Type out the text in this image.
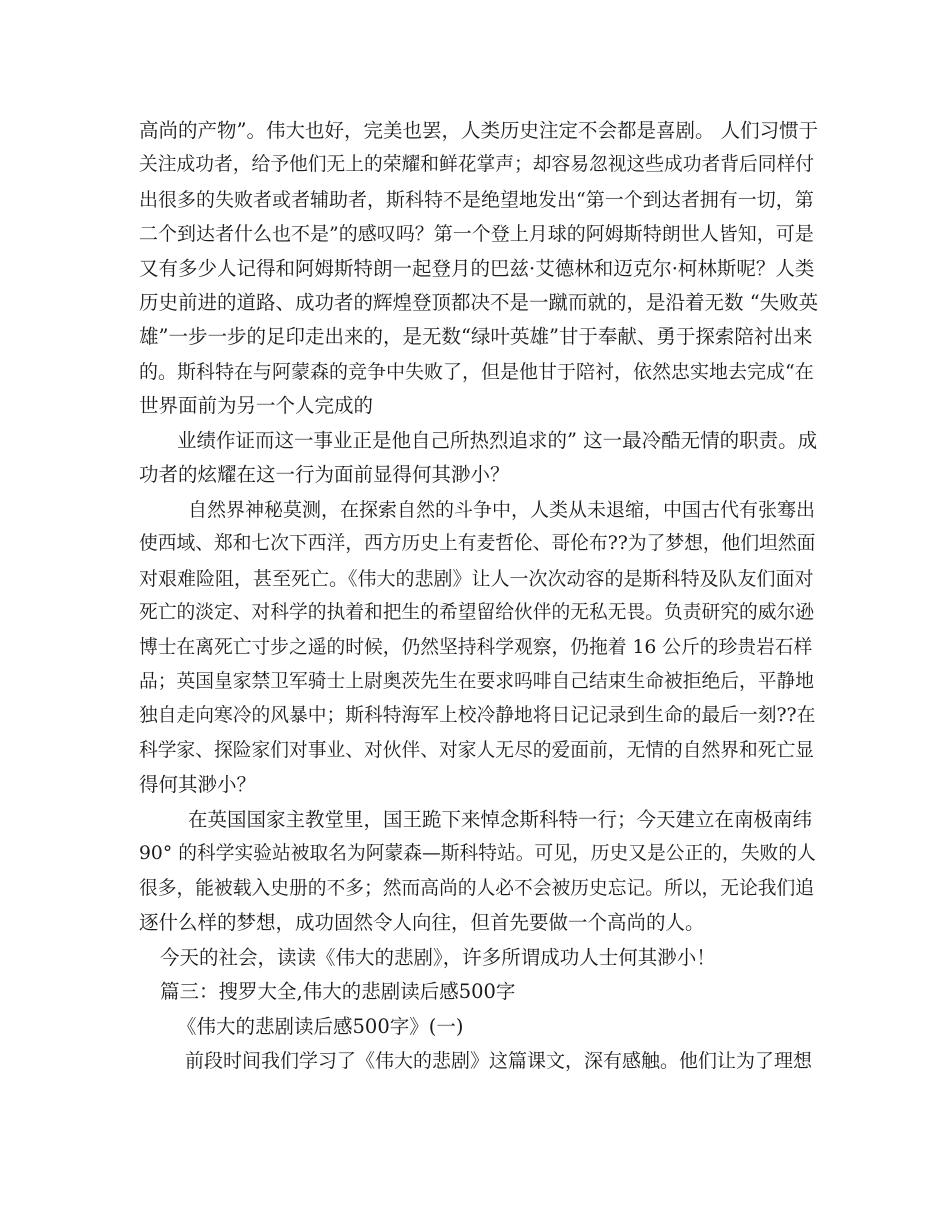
高尚的产物”。伟大也好，完美也罢，人类历史注定不会都是喜剧。 人们习惯于
关注成功者，给予他们无上的荣耀和鲜花掌声；却容易忽视这些成功者背后同样付
出很多的失败者或者辅助者，斯科特不是绝望地发出“第一个到达者拥有一切，第
二个到达者什么也不是”的感叹吗？第一个登上月球的阿姆斯特朗世人皆知，可是
又有多少人记得和阿姆斯特朗一起登月的巴兹·艾德林和迈克尔·柯林斯呢？人类
历史前进的道路、成功者的辉煌登顶都决不是一蹴而就的，是沿着无数 “失败英
雄”一步一步的足印走出来的，是无数“绿叶英雄”甘于奉献、勇于探索陪衬出来
的。斯科特在与阿蒙森的竞争中失败了，但是他甘于陪衬，依然忠实地去完成“在
世界面前为另一个人完成的
业绩作证而这一事业正是他自己所热烈追求的” 这一最冷酷无情的职责。成
功者的炫耀在这一行为面前显得何其渺小？
自然界神秘莫测，在探索自然的斗争中，人类从未退缩，中国古代有张骞出
使西域、郑和七次下西洋，西方历史上有麦哲伦、哥伦布??为了梦想，他们坦然面
对艰难险阻，甚至死亡。《伟大的悲剧》让人一次次动容的是斯科特及队友们面对
死亡的淡定、对科学的执着和把生的希望留给伙伴的无私无畏。负责研究的威尔逊
博士在离死亡寸步之遥的时候，仍然坚持科学观察，仍拖着 16 公斤的珍贵岩石样
品；英国皇家禁卫军骑士上尉奥茨先生在要求吗啡自己结束生命被拒绝后，平静地
独自走向寒冷的风暴中；斯科特海军上校冷静地将日记记录到生命的最后一刻??在
科学家、探险家们对事业、对伙伴、对家人无尽的爱面前，无情的自然界和死亡显
得何其渺小？
在英国国家主教堂里，国王跪下来悼念斯科特一行；今天建立在南极南纬
90° 的科学实验站被取名为阿蒙森—斯科特站。可见，历史又是公正的，失败的人
很多，能被载入史册的不多；然而高尚的人必不会被历史忘记。所以，无论我们追
逐什么样的梦想，成功固然令人向往，但首先要做一个高尚的人。
今天的社会，读读《伟大的悲剧》，许多所谓成功人士何其渺小！
篇三：搜罗大全,伟大的悲剧读后感500字
《伟大的悲剧读后感500字》(一)
前段时间我们学习了《伟大的悲剧》这篇课文，深有感触。他们让为了理想
